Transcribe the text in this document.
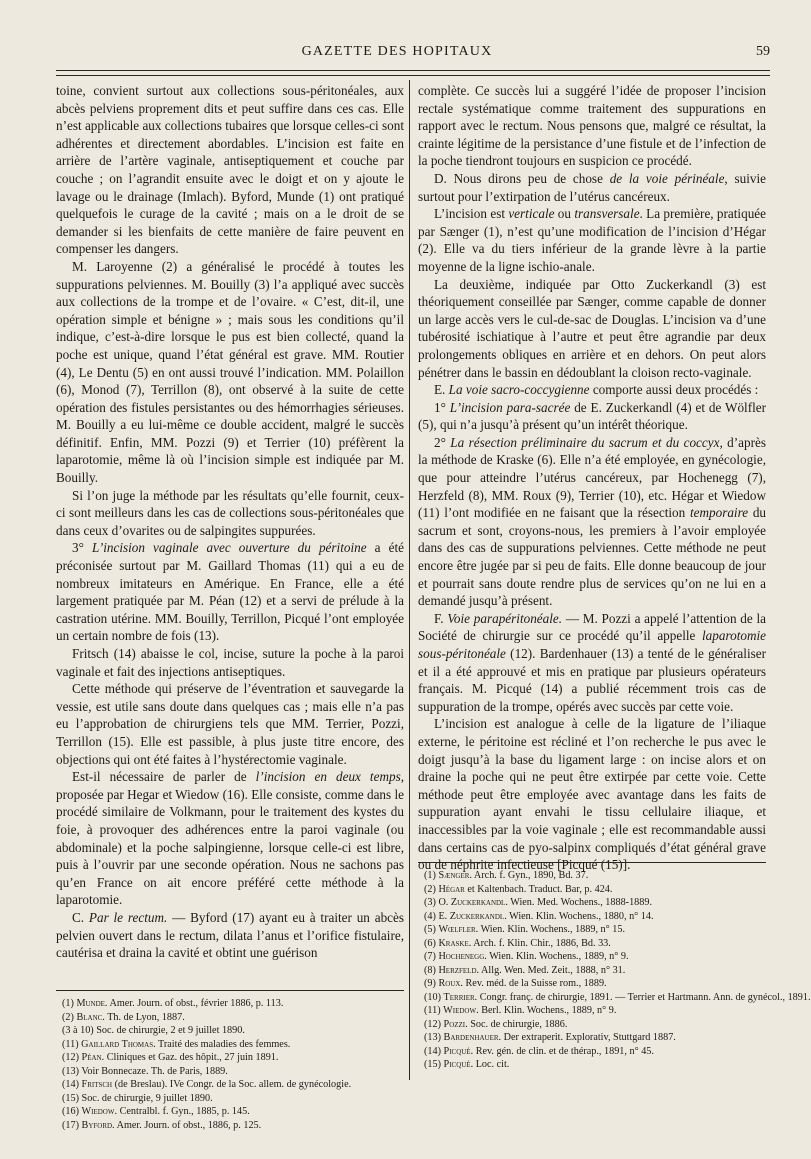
GAZETTE DES HOPITAUX	59

toine, convient surtout aux collections sous-péritonéales, aux abcès pelviens proprement dits et peut suffire dans ces cas. Elle n’est applicable aux collections tubaires que lorsque celles-ci sont adhérentes et directement abordables. L’incision est faite en arrière de l’artère vaginale, antiseptiquement et couche par couche ; on l’agrandit ensuite avec le doigt et on y ajoute le lavage ou le drainage (Imlach). Byford, Munde (1) ont pratiqué quelquefois le curage de la cavité ; mais on a le droit de se demander si les bienfaits de cette manière de faire peuvent en compenser les dangers.

M. Laroyenne (2) a généralisé le procédé à toutes les suppurations pelviennes. M. Bouilly (3) l’a appliqué avec succès aux collections de la trompe et de l’ovaire. « C’est, dit-il, une opération simple et bénigne » ; mais sous les conditions qu’il indique, c’est-à-dire lorsque le pus est bien collecté, quand la poche est unique, quand l’état général est grave. MM. Routier (4), Le Dentu (5) en ont aussi trouvé l’indication. MM. Polaillon (6), Monod (7), Terrillon (8), ont observé à la suite de cette opération des fistules persistantes ou des hémorrhagies sérieuses. M. Bouilly a eu lui-même ce double accident, malgré le succès définitif. Enfin, MM. Pozzi (9) et Terrier (10) préfèrent la laparotomie, même là où l’incision simple est indiquée par M. Bouilly.

Si l’on juge la méthode par les résultats qu’elle fournit, ceux-ci sont meilleurs dans les cas de collections sous-péritonéales que dans ceux d’ovarites ou de salpingites suppurées.

3° L’incision vaginale avec ouverture du péritoine a été préconisée surtout par M. Gaillard Thomas (11) qui a eu de nombreux imitateurs en Amérique. En France, elle a été largement pratiquée par M. Péan (12) et a servi de prélude à la castration utérine. MM. Bouilly, Terrillon, Picqué l’ont employée un certain nombre de fois (13).

Fritsch (14) abaisse le col, incise, suture la poche à la paroi vaginale et fait des injections antiseptiques.

Cette méthode qui préserve de l’éventration et sauvegarde la vessie, est utile sans doute dans quelques cas ; mais elle n’a pas eu l’approbation de chirurgiens tels que MM. Terrier, Pozzi, Terrillon (15). Elle est passible, à plus juste titre encore, des objections qui ont été faites à l’hystérectomie vaginale.

Est-il nécessaire de parler de l’incision en deux temps, proposée par Hegar et Wiedow (16). Elle consiste, comme dans le procédé similaire de Volkmann, pour le traitement des kystes du foie, à provoquer des adhérences entre la paroi vaginale (ou abdominale) et la poche salpingienne, lorsque celle-ci est libre, puis à l’ouvrir par une seconde opération. Nous ne sachons pas qu’en France on ait encore préféré cette méthode à la laparotomie.

C. Par le rectum. — Byford (17) ayant eu à traiter un abcès pelvien ouvert dans le rectum, dilata l’anus et l’orifice fistulaire, cautérisa et draina la cavité et obtint une guérison

complète. Ce succès lui a suggéré l’idée de proposer l’incision rectale systématique comme traitement des suppurations en rapport avec le rectum. Nous pensons que, malgré ce résultat, la crainte légitime de la persistance d’une fistule et de l’infection de la poche tiendront toujours en suspicion ce procédé.

D. Nous dirons peu de chose de la voie périnéale, suivie surtout pour l’extirpation de l’utérus cancéreux.

L’incision est verticale ou transversale. La première, pratiquée par Sænger (1), n’est qu’une modification de l’incision d’Hégar (2). Elle va du tiers inférieur de la grande lèvre à la partie moyenne de la ligne ischio-anale.

La deuxième, indiquée par Otto Zuckerkandl (3) est théoriquement conseillée par Sænger, comme capable de donner un large accès vers le cul-de-sac de Douglas. L’incision va d’une tubérosité ischiatique à l’autre et peut être agrandie par deux prolongements obliques en arrière et en dehors. On peut alors pénétrer dans le bassin en dédoublant la cloison recto-vaginale.

E. La voie sacro-coccygienne comporte aussi deux procédés :

1° L’incision para-sacrée de E. Zuckerkandl (4) et de Wölfler (5), qui n’a jusqu’à présent qu’un intérêt théorique.

2° La résection préliminaire du sacrum et du coccyx, d’après la méthode de Kraske (6). Elle n’a été employée, en gynécologie, que pour atteindre l’utérus cancéreux, par Hochenegg (7), Herzfeld (8), MM. Roux (9), Terrier (10), etc. Hégar et Wiedow (11) l’ont modifiée en ne faisant que la résection temporaire du sacrum et sont, croyons-nous, les premiers à l’avoir employée dans des cas de suppurations pelviennes. Cette méthode ne peut encore être jugée par si peu de faits. Elle donne beaucoup de jour et pourrait sans doute rendre plus de services qu’on ne lui en a demandé jusqu’à présent.

F. Voie parapéritonéale. — M. Pozzi a appelé l’attention de la Société de chirurgie sur ce procédé qu’il appelle laparotomie sous-péritonéale (12). Bardenhauer (13) a tenté de le généraliser et il a été approuvé et mis en pratique par plusieurs opérateurs français. M. Picqué (14) a publié récemment trois cas de suppuration de la trompe, opérés avec succès par cette voie.

L’incision est analogue à celle de la ligature de l’iliaque externe, le péritoine est récliné et l’on recherche le pus avec le doigt jusqu’à la base du ligament large : on incise alors et on draine la poche qui ne peut être extirpée par cette voie. Cette méthode peut être employée avec avantage dans les faits de suppuration ayant envahi le tissu cellulaire iliaque, et inaccessibles par la voie vaginale ; elle est recommandable aussi dans certains cas de pyo-salpinx compliqués d’état général grave ou de néphrite infectieuse [Picqué (15)].

(1) Munde. Amer. Journ. of obst., février 1886, p. 113.
(2) Blanc. Th. de Lyon, 1887.
(3 à 10) Soc. de chirurgie, 2 et 9 juillet 1890.
(11) Gaillard Thomas. Traité des maladies des femmes.
(12) Péan. Cliniques et Gaz. des hôpit., 27 juin 1891.
(13) Voir Bonnecaze. Th. de Paris, 1889.
(14) Fritsch (de Breslau). IVe Congr. de la Soc. allem. de gynécologie.
(15) Soc. de chirurgie, 9 juillet 1890.
(16) Wiedow. Centralbl. f. Gyn., 1885, p. 145.
(17) Byford. Amer. Journ. of obst., 1886, p. 125.
(1) Sænger. Arch. f. Gyn., 1890, Bd. 37.
(2) Hégar et Kaltenbach. Traduct. Bar, p. 424.
(3) O. Zuckerkandl. Wien. Med. Wochens., 1888-1889.
(4) E. Zuckerkandl. Wien. Klin. Wochens., 1880, n° 14.
(5) Wœlfler. Wien. Klin. Wochens., 1889, n° 15.
(6) Kraske. Arch. f. Klin. Chir., 1886, Bd. 33.
(7) Hochenegg. Wien. Klin. Wochens., 1889, n° 9.
(8) Herzfeld. Allg. Wen. Med. Zeit., 1888, n° 31.
(9) Roux. Rev. méd. de la Suisse rom., 1889.
(10) Terrier. Congr. franç. de chirurgie, 1891. — Terrier et Hartmann. Ann. de gynécol., 1891.
(11) Wiedow. Berl. Klin. Wochens., 1889, n° 9.
(12) Pozzi. Soc. de chirurgie, 1886.
(13) Bardenhauer. Der extraperit. Explorativ, Stuttgard 1887.
(14) Picqué. Rev. gén. de clin. et de thérap., 1891, n° 45.
(15) Picqué. Loc. cit.
